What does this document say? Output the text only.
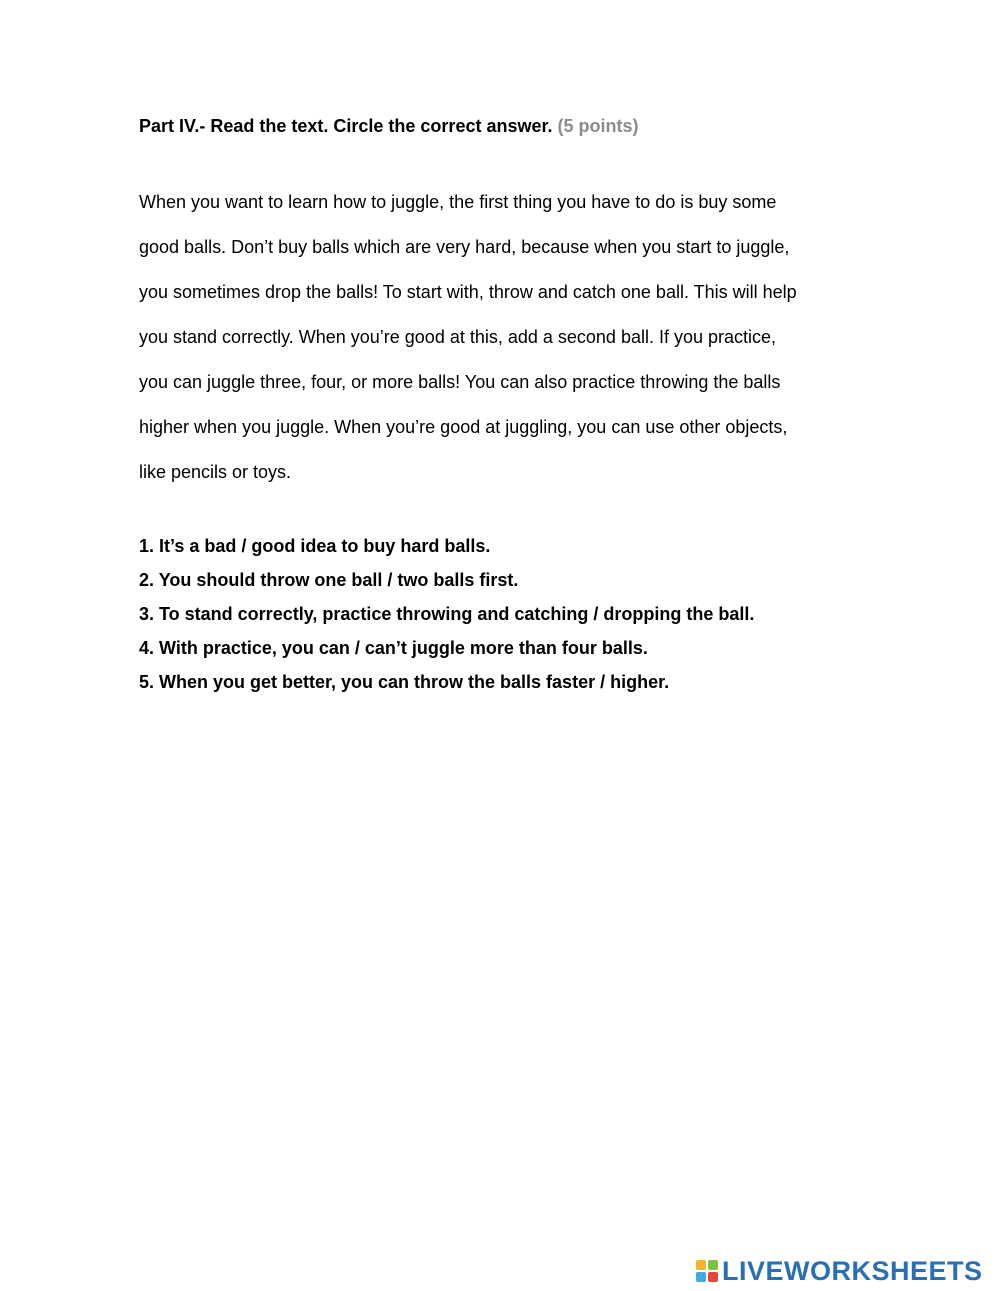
Part IV.- Read the text. Circle the correct answer. (5 points)
When you want to learn how to juggle, the first thing you have to do is buy some
good balls. Don’t buy balls which are very hard, because when you start to juggle,
you sometimes drop the balls! To start with, throw and catch one ball. This will help
you stand correctly. When you’re good at this, add a second ball. If you practice,
you can juggle three, four, or more balls! You can also practice throwing the balls
higher when you juggle. When you’re good at juggling, you can use other objects,
like pencils or toys.
1. It’s a bad / good idea to buy hard balls.
2. You should throw one ball / two balls first.
3. To stand correctly, practice throwing and catching / dropping the ball.
4. With practice, you can / can’t juggle more than four balls.
5. When you get better, you can throw the balls faster / higher.
LIVEWORKSHEETS
